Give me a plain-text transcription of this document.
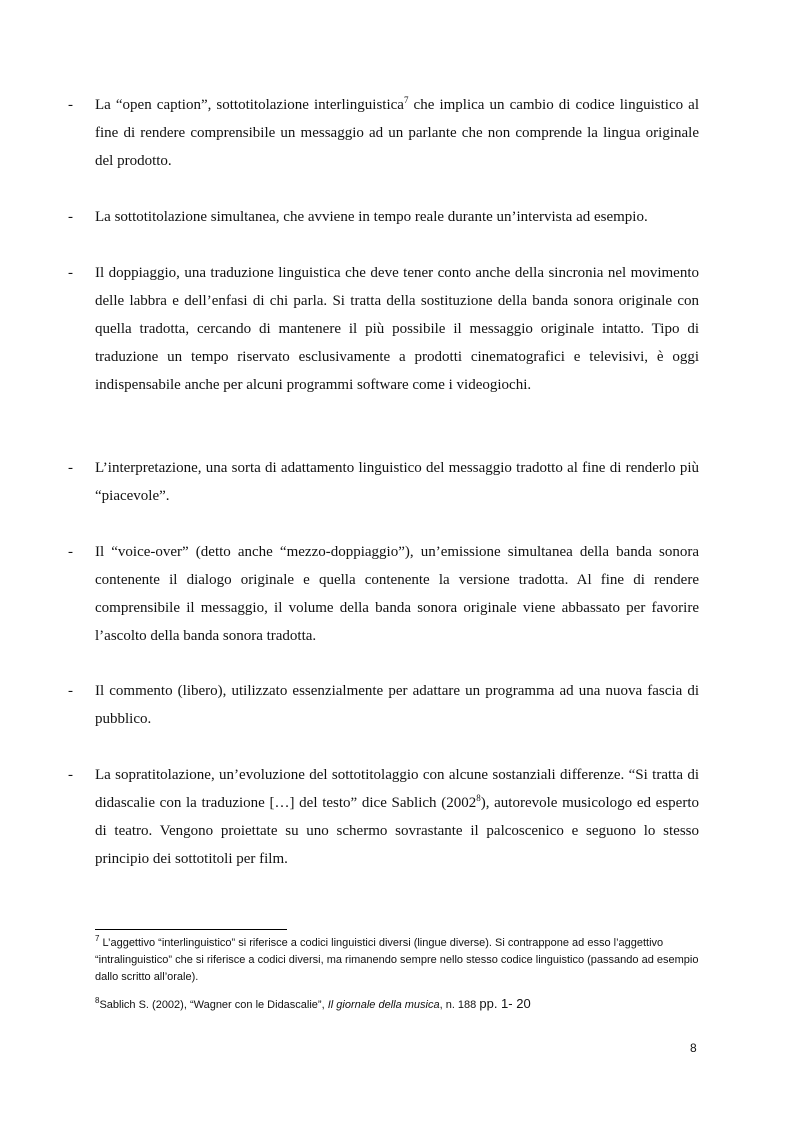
- La “open caption”, sottotitolazione interlinguistica$^7$ che implica un cambio di codice linguistico al fine di rendere comprensibile un messaggio ad un parlante che non comprende la lingua originale del prodotto.
- La sottotitolazione simultanea, che avviene in tempo reale durante un’intervista ad esempio.
- Il doppiaggio, una traduzione linguistica che deve tener conto anche della sincronia nel movimento delle labbra e dell’enfasi di chi parla. Si tratta della sostituzione della banda sonora originale con quella tradotta, cercando di mantenere il più possibile il messaggio originale intatto. Tipo di traduzione un tempo riservato esclusivamente a prodotti cinematografici e televisivi, è oggi indispensabile anche per alcuni programmi software come i videogiochi.
- L’interpretazione, una sorta di adattamento linguistico del messaggio tradotto al fine di renderlo più “piacevole”.
- Il “voice-over” (detto anche “mezzo-doppiaggio”), un’emissione simultanea della banda sonora contenente il dialogo originale e quella contenente la versione tradotta. Al fine di rendere comprensibile il messaggio, il volume della banda sonora originale viene abbassato per favorire l’ascolto della banda sonora tradotta.
- Il commento (libero), utilizzato essenzialmente per adattare un programma ad una nuova fascia di pubblico.
- La sopratitolazione, un’evoluzione del sottotitolaggio con alcune sostanziali differenze. “Si tratta di didascalie con la traduzione […] del testo” dice Sablich (2002$^8$), autorevole musicologo ed esperto di teatro. Vengono proiettate su uno schermo sovrastante il palcoscenico e seguono lo stesso principio dei sottotitoli per film.
$^7$ L’aggettivo “interlinguistico” si riferisce a codici linguistici diversi (lingue diverse). Si contrappone ad esso l’aggettivo “intralinguistico” che si riferisce a codici diversi, ma rimanendo sempre nello stesso codice linguistico (passando ad esempio dallo scritto all’orale).
$^8$Sablich S. (2002), “Wagner con le Didascalie”, Il giornale della musica, n. 188 pp. 1- 20
8
